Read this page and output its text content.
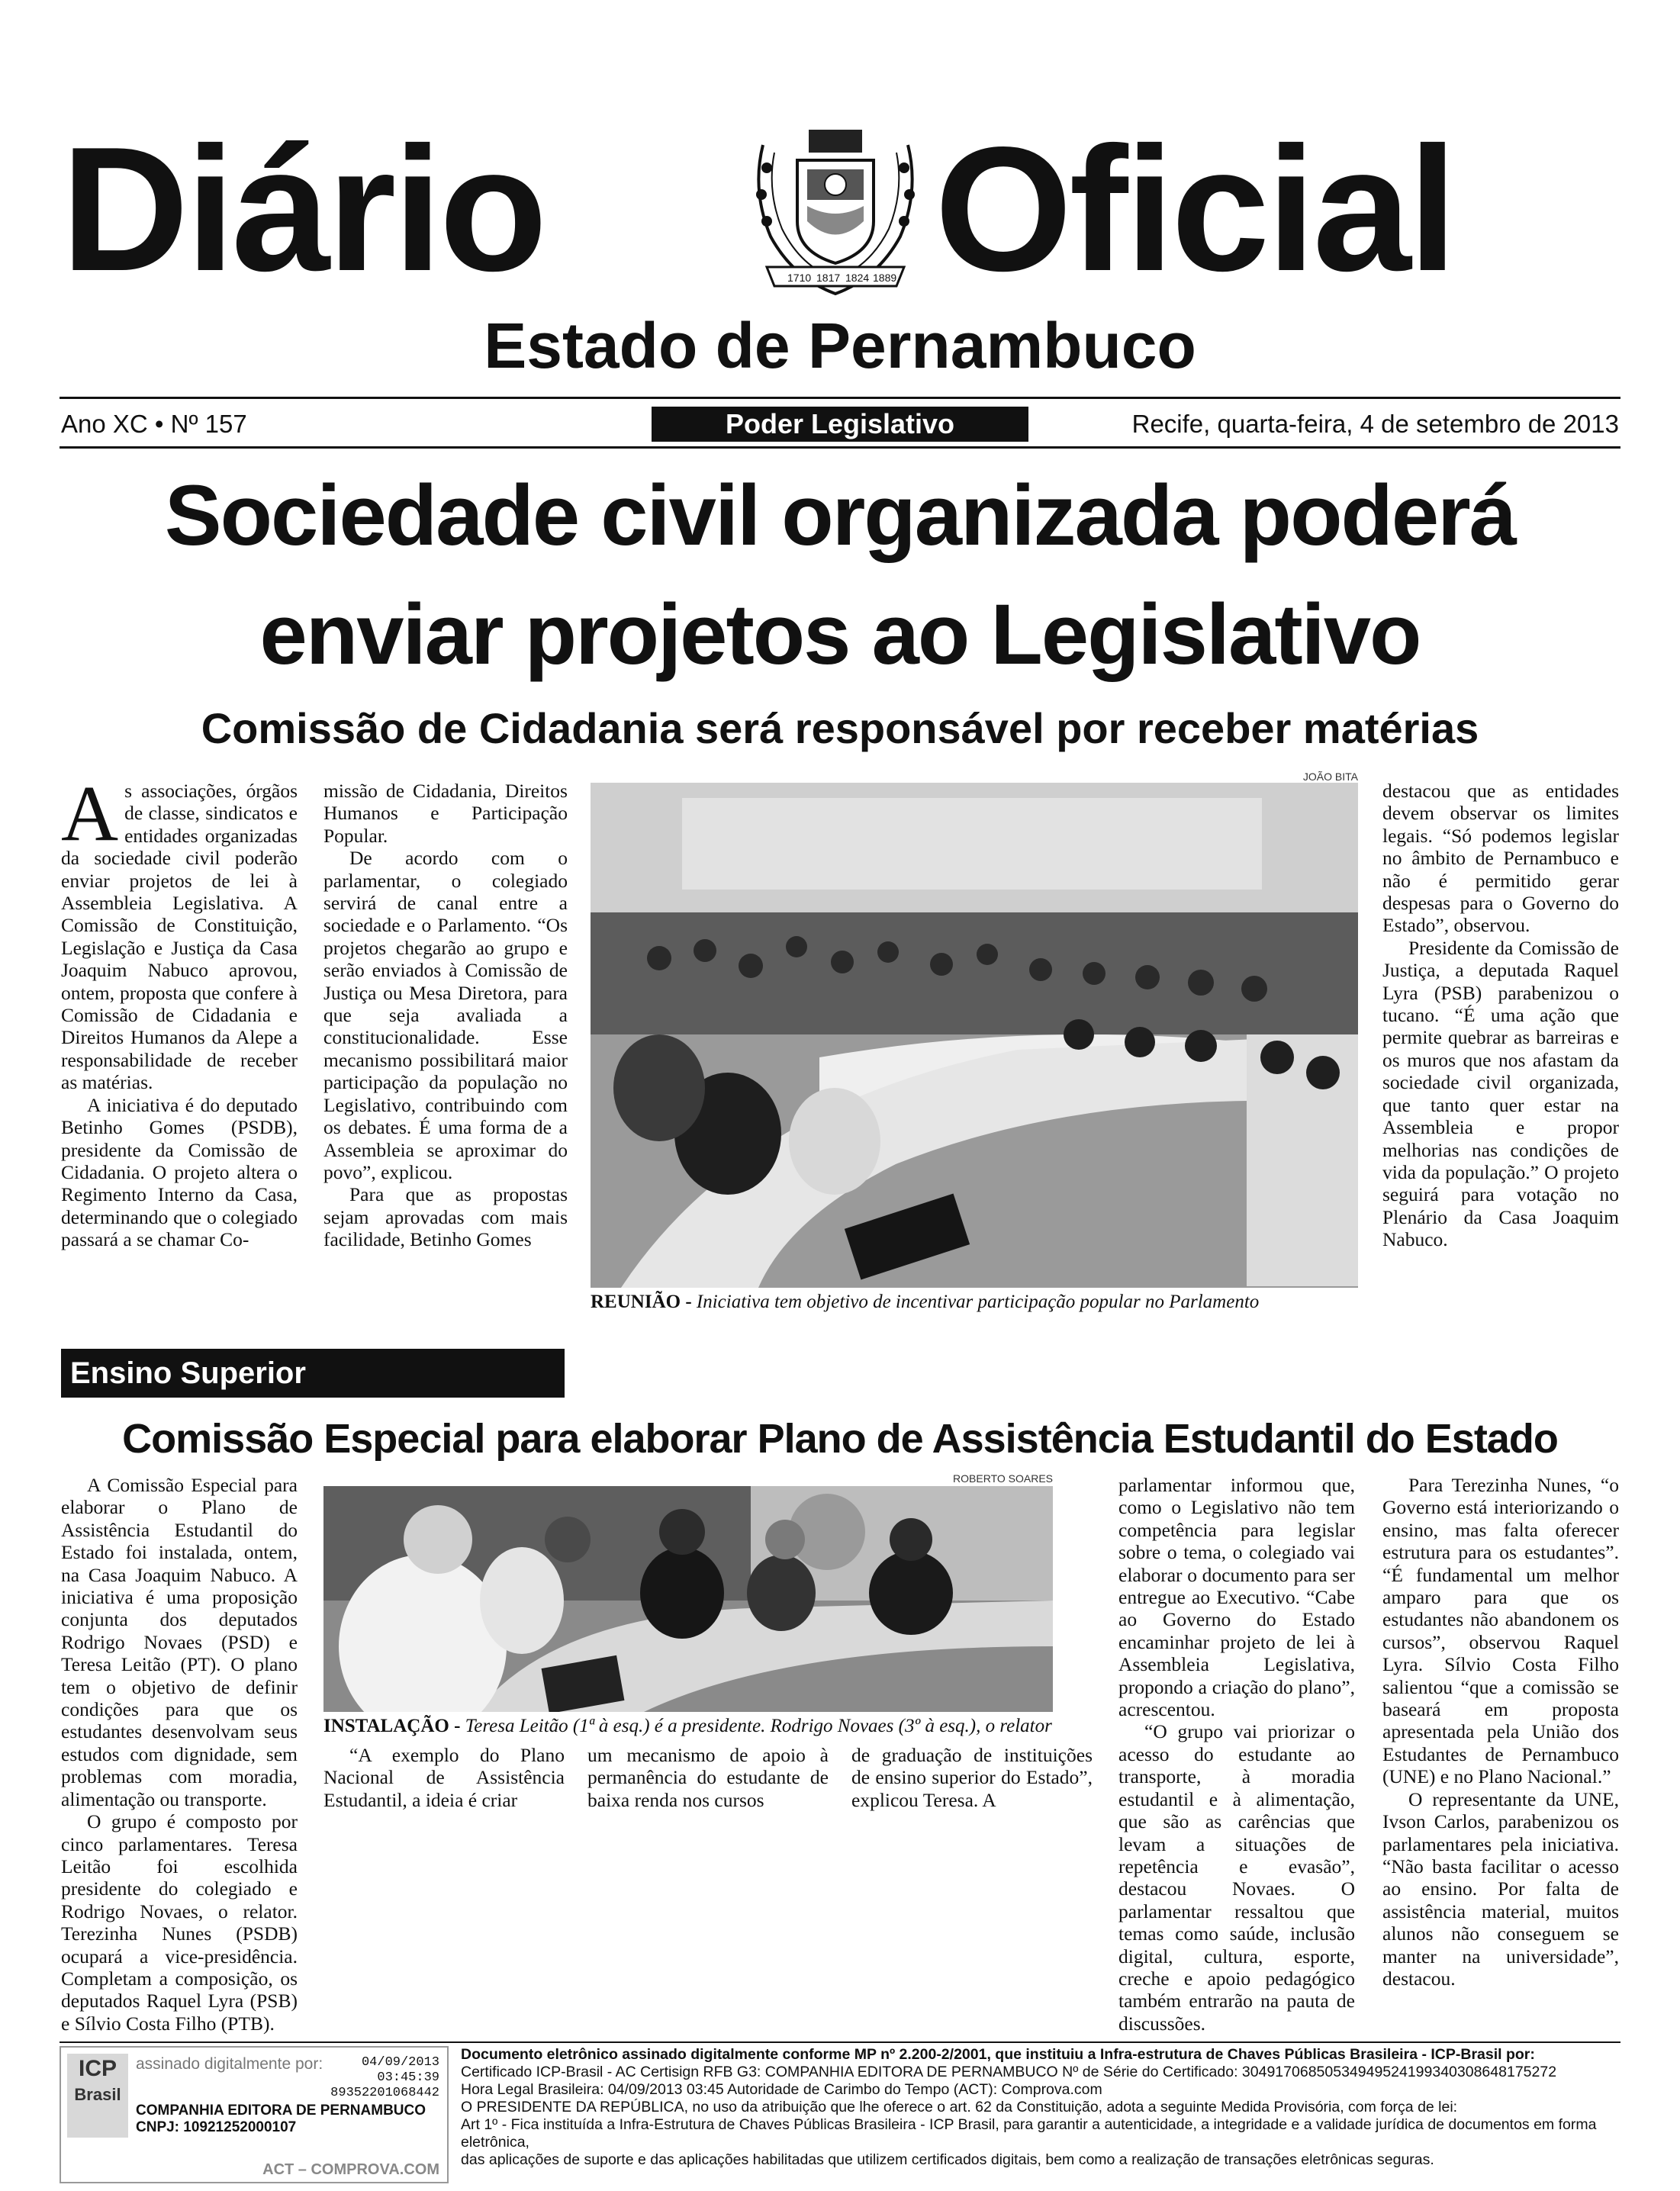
Diário	1710 1817 1824 1889 Oficial
Estado de Pernambuco
Ano XC • Nº 157	Poder Legislativo	Recife, quarta-feira, 4 de setembro de 2013
Sociedade civil organizada poderá
enviar projetos ao Legislativo
Comissão de Cidadania será responsável por receber matérias

As associações, órgãos de classe, sindicatos e entidades organizadas da sociedade civil poderão enviar projetos de lei à Assembleia Legislativa. A Comissão de Constituição, Legislação e Justiça da Casa Joaquim Nabuco aprovou, ontem, proposta que confere à Comissão de Cidadania e Direitos Humanos da Alepe a responsabilidade de receber as matérias.

A iniciativa é do deputado Betinho Gomes (PSDB), presidente da Comissão de Cidadania. O projeto altera o Regimento Interno da Casa, determinando que o colegiado passará a se chamar Co-

missão de Cidadania, Direitos Humanos e Participação Popular.

De acordo com o parlamentar, o colegiado servirá de canal entre a sociedade e o Parlamento. “Os projetos chegarão ao grupo e serão enviados à Comissão de Justiça ou Mesa Diretora, para que seja avaliada a constitucionalidade. Esse mecanismo possibilitará maior participação da população no Legislativo, contribuindo com os debates. É uma forma de a Assembleia se aproximar do povo”, explicou.

Para que as propostas sejam aprovadas com mais facilidade, Betinho Gomes

JOÃO BITA
REUNIÃO - Iniciativa tem objetivo de incentivar participação popular no Parlamento

destacou que as entidades devem observar os limites legais. “Só podemos legislar no âmbito de Pernambuco e não é permitido gerar despesas para o Governo do Estado”, observou.

Presidente da Comissão de Justiça, a deputada Raquel Lyra (PSB) parabenizou o tucano. “É uma ação que permite quebrar as barreiras e os muros que nos afastam da sociedade civil organizada, que tanto quer estar na Assembleia e propor melhorias nas condições de vida da população.” O projeto seguirá para votação no Plenário da Casa Joaquim Nabuco.

Ensino Superior
Comissão Especial para elaborar Plano de Assistência Estudantil do Estado

A Comissão Especial para elaborar o Plano de Assistência Estudantil do Estado foi instalada, ontem, na Casa Joaquim Nabuco. A iniciativa é uma proposição conjunta dos deputados Rodrigo Novaes (PSD) e Teresa Leitão (PT). O plano tem o objetivo de definir condições para que os estudantes desenvolvam seus estudos com dignidade, sem problemas com moradia, alimentação ou transporte.

O grupo é composto por cinco parlamentares. Teresa Leitão foi escolhida presidente do colegiado e Rodrigo Novaes, o relator. Terezinha Nunes (PSDB) ocupará a vice-presidência. Completam a composição, os deputados Raquel Lyra (PSB) e Sílvio Costa Filho (PTB).

ROBERTO SOARES
INSTALAÇÃO - Teresa Leitão (1ª à esq.) é a presidente. Rodrigo Novaes (3º à esq.), o relator

“A exemplo do Plano Nacional de Assistência Estudantil, a ideia é criar

um mecanismo de apoio à permanência do estudante de baixa renda nos cursos

de graduação de instituições de ensino superior do Estado”, explicou Teresa. A

parlamentar informou que, como o Legislativo não tem competência para legislar sobre o tema, o colegiado vai elaborar o documento para ser entregue ao Executivo. “Cabe ao Governo do Estado encaminhar projeto de lei à Assembleia Legislativa, propondo a criação do plano”, acrescentou.

“O grupo vai priorizar o acesso do estudante ao transporte, à moradia estudantil e à alimentação, que são as carências que levam a situações de repetência e evasão”, destacou Novaes. O parlamentar ressaltou que temas como saúde, inclusão digital, cultura, esporte, creche e apoio pedagógico também entrarão na pauta de discussões.

Para Terezinha Nunes, “o Governo está interiorizando o ensino, mas falta oferecer estrutura para os estudantes”. “É fundamental um melhor amparo para que os estudantes não abandonem os cursos”, observou Raquel Lyra. Sílvio Costa Filho salientou “que a comissão se baseará em proposta apresentada pela União dos Estudantes de Pernambuco (UNE) e no Plano Nacional.”

O representante da UNE, Ivson Carlos, parabenizou os parlamentares pela iniciativa. “Não basta facilitar o acesso ao ensino. Por falta de assistência material, muitos alunos não conseguem se manter na universidade”, destacou.

ICP
Brasil
assinado digitalmente por:	04/09/2013
03:45:39
89352201068442
COMPANHIA EDITORA DE PERNAMBUCO
CNPJ: 10921252000107
ACT – COMPROVA.COM
Documento eletrônico assinado digitalmente conforme MP nº 2.200-2/2001, que instituiu a Infra-estrutura de Chaves Públicas Brasileira - ICP-Brasil por:
Certificado ICP-Brasil - AC Certisign RFB G3: COMPANHIA EDITORA DE PERNAMBUCO Nº de Série do Certificado: 30491706850534949524199340308648175272
Hora Legal Brasileira: 04/09/2013 03:45 Autoridade de Carimbo do Tempo (ACT): Comprova.com
O PRESIDENTE DA REPÚBLICA, no uso da atribuição que lhe oferece o art. 62 da Constituição, adota a seguinte Medida Provisória, com força de lei:
Art 1º - Fica instituída a Infra-Estrutura de Chaves Públicas Brasileira - ICP Brasil, para garantir a autenticidade, a integridade e a validade jurídica de documentos em forma eletrônica,
das aplicações de suporte e das aplicações habilitadas que utilizem certificados digitais, bem como a realização de transações eletrônicas seguras.
